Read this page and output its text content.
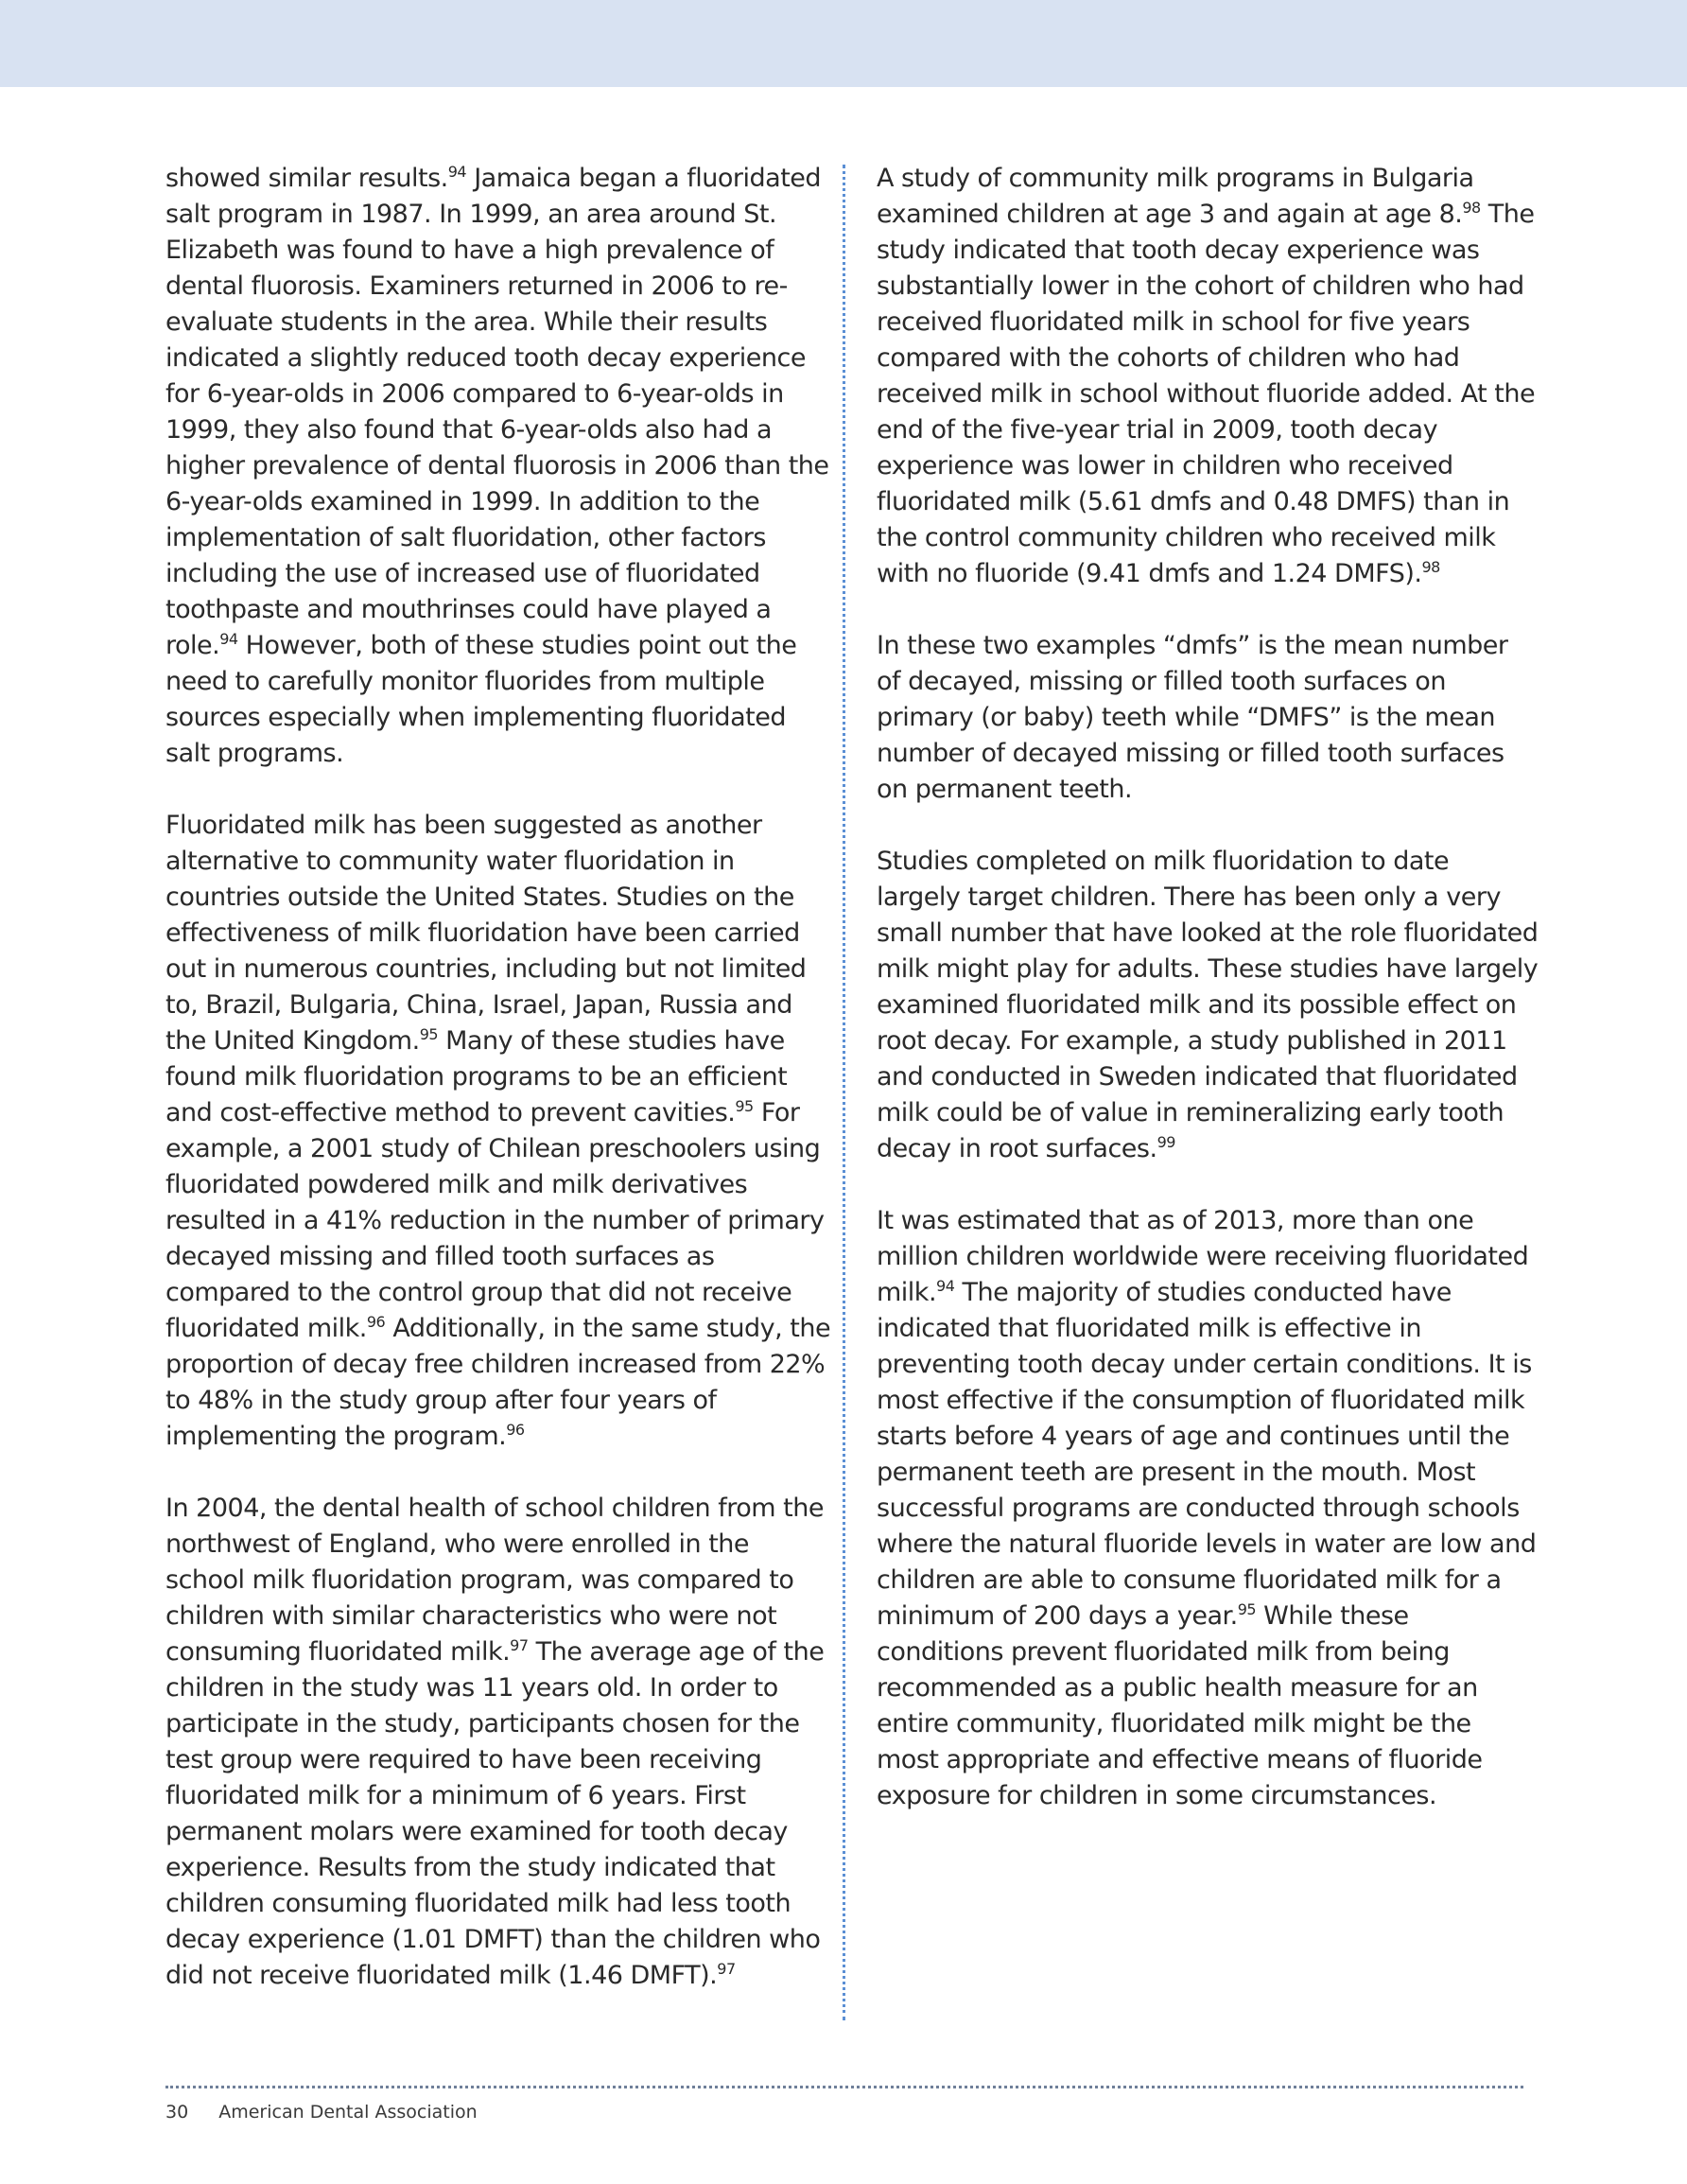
showed similar results.$^{94}$ Jamaica began a fluoridated salt program in 1987. In 1999, an area around St. Elizabeth was found to have a high prevalence of dental fluorosis. Examiners returned in 2006 to re-evaluate students in the area. While their results indicated a slightly reduced tooth decay experience for 6-year-olds in 2006 compared to 6-year-olds in 1999, they also found that 6-year-olds also had a higher prevalence of dental fluorosis in 2006 than the 6-year-olds examined in 1999. In addition to the implementation of salt fluoridation, other factors including the use of increased use of fluoridated toothpaste and mouthrinses could have played a role.$^{94}$ However, both of these studies point out the need to carefully monitor fluorides from multiple sources especially when implementing fluoridated salt programs.

Fluoridated milk has been suggested as another alternative to community water fluoridation in countries outside the United States. Studies on the effectiveness of milk fluoridation have been carried out in numerous countries, including but not limited to, Brazil, Bulgaria, China, Israel, Japan, Russia and the United Kingdom.$^{95}$ Many of these studies have found milk fluoridation programs to be an efficient and cost-effective method to prevent cavities.$^{95}$ For example, a 2001 study of Chilean preschoolers using fluoridated powdered milk and milk derivatives resulted in a 41% reduction in the number of primary decayed missing and filled tooth surfaces as compared to the control group that did not receive fluoridated milk.$^{96}$ Additionally, in the same study, the proportion of decay free children increased from 22% to 48% in the study group after four years of implementing the program.$^{96}$

In 2004, the dental health of school children from the northwest of England, who were enrolled in the school milk fluoridation program, was compared to children with similar characteristics who were not consuming fluoridated milk.$^{97}$ The average age of the children in the study was 11 years old. In order to participate in the study, participants chosen for the test group were required to have been receiving fluoridated milk for a minimum of 6 years. First permanent molars were examined for tooth decay experience. Results from the study indicated that children consuming fluoridated milk had less tooth decay experience (1.01 DMFT) than the children who did not receive fluoridated milk (1.46 DMFT).$^{97}$

A study of community milk programs in Bulgaria examined children at age 3 and again at age 8.98 The study indicated that tooth decay experience was substantially lower in the cohort of children who had received fluoridated milk in school for five years compared with the cohorts of children who had received milk in school without fluoride added. At the end of the five-year trial in 2009, tooth decay experience was lower in children who received fluoridated milk (5.61 dmfs and 0.48 DMFS) than in the control community children who received milk with no fluoride (9.41 dmfs and 1.24 DMFS).$^{98}$

In these two examples “dmfs” is the mean number of decayed, missing or filled tooth surfaces on primary (or baby) teeth while “DMFS” is the mean number of decayed missing or filled tooth surfaces on permanent teeth.

Studies completed on milk fluoridation to date largely target children. There has been only a very small number that have looked at the role fluoridated milk might play for adults. These studies have largely examined fluoridated milk and its possible effect on root decay. For example, a study published in 2011 and conducted in Sweden indicated that fluoridated milk could be of value in remineralizing early tooth decay in root surfaces.$^{99}$

It was estimated that as of 2013, more than one million children worldwide were receiving fluoridated milk.$^{94}$ The majority of studies conducted have indicated that fluoridated milk is effective in preventing tooth decay under certain conditions. It is most effective if the consumption of fluoridated milk starts before 4 years of age and continues until the permanent teeth are present in the mouth. Most successful programs are conducted through schools where the natural fluoride levels in water are low and children are able to consume fluoridated milk for a minimum of 200 days a year.$^{95}$ While these conditions prevent fluoridated milk from being recommended as a public health measure for an entire community, fluoridated milk might be the most appropriate and effective means of fluoride exposure for children in some circumstances.

30 American Dental Association
